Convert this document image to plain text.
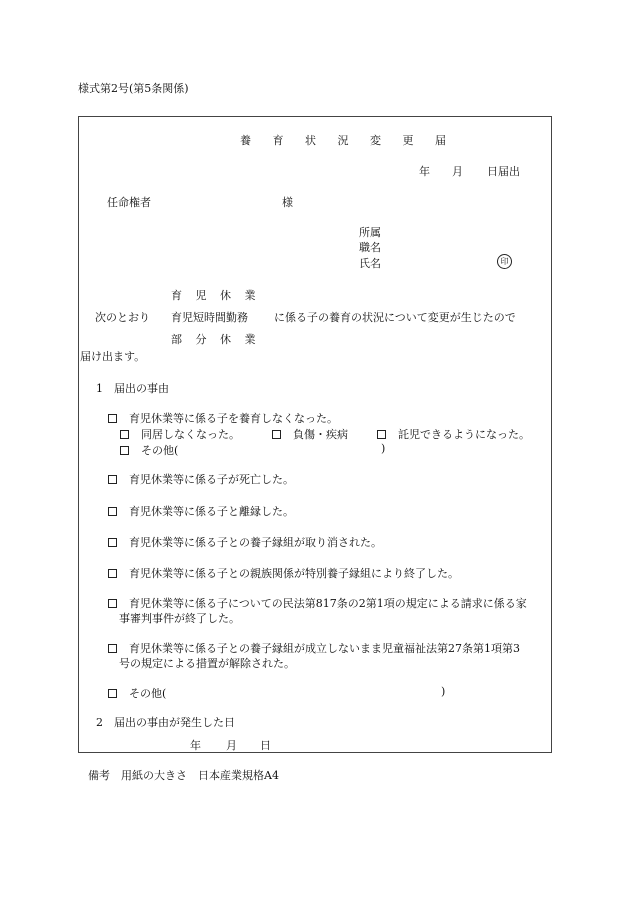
様式第2号(第5条関係)
養 育 状 況 変 更 届
年 月 日届出
任命権者	様
所属
職名
氏名	印
育 児 休 業
次のとおり 育児短時間勤務 に係る子の養育の状況について変更が生じたので
部 分 休 業
届け出ます。
1　届出の事由
育児休業等に係る子を養育しなくなった。
同居しなくなった。	負傷・疾病	託児できるようになった。
その他(	)
育児休業等に係る子が死亡した。
育児休業等に係る子と離縁した。
育児休業等に係る子との養子縁組が取り消された。
育児休業等に係る子との親族関係が特別養子縁組により終了した。
育児休業等に係る子についての民法第817条の2第1項の規定による請求に係る家
事審判事件が終了した。
育児休業等に係る子との養子縁組が成立しないまま児童福祉法第27条第1項第3
号の規定による措置が解除された。
その他(	)
2　届出の事由が発生した日
年 月 日
備考　用紙の大きさ　日本産業規格A4
